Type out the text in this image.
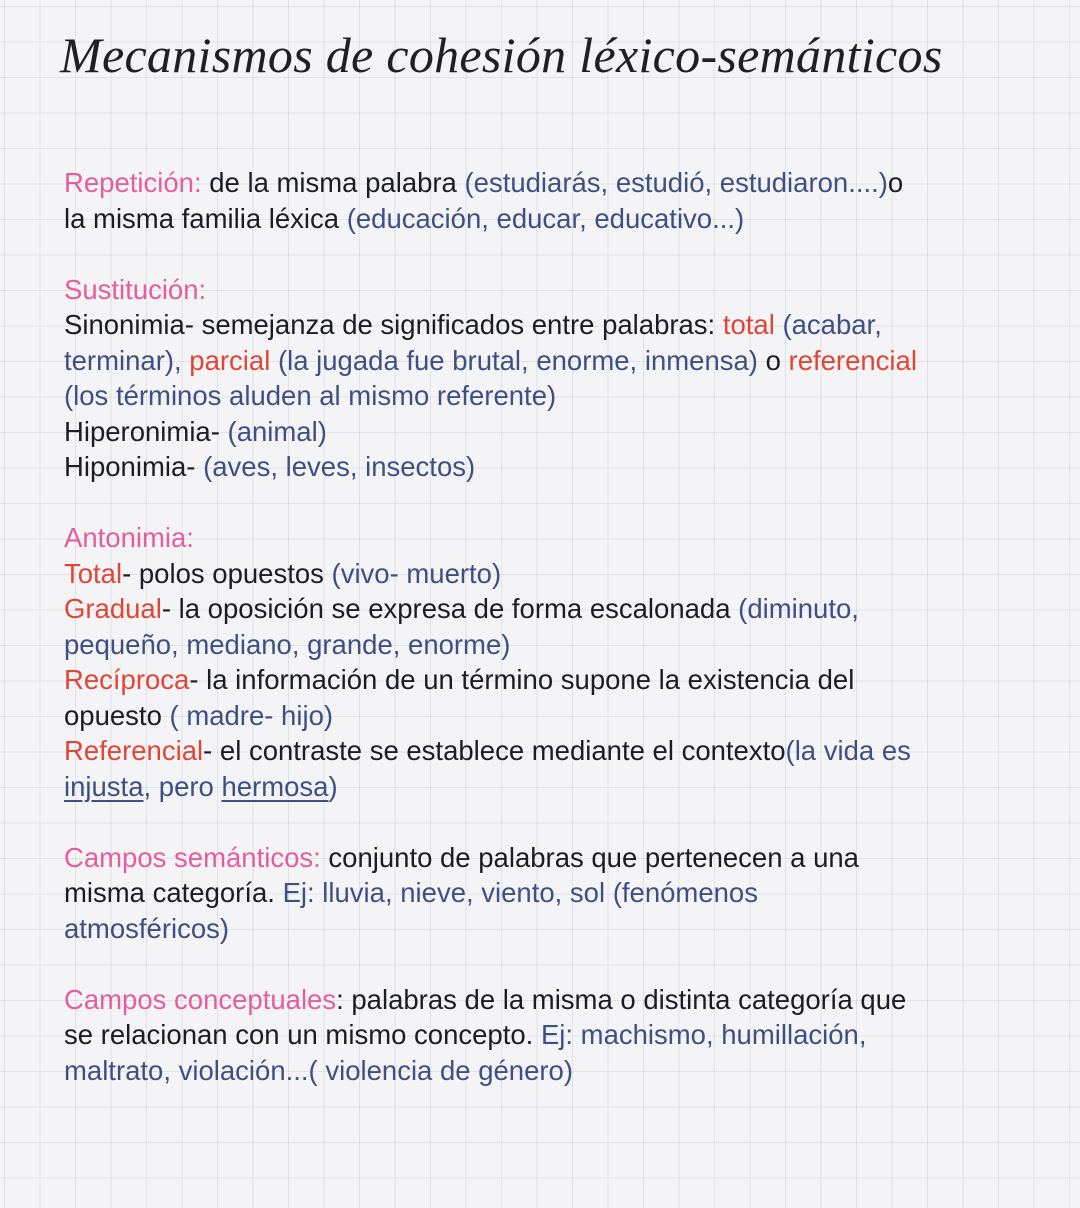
Mecanismos de cohesión léxico-semánticos
Repetición: de la misma palabra (estudiarás, estudió, estudiaron....)o
la misma familia léxica (educación, educar, educativo...)
Sustitución:
Sinonimia- semejanza de significados entre palabras: total (acabar,
terminar), parcial (la jugada fue brutal, enorme, inmensa) o referencial
(los términos aluden al mismo referente)
Hiperonimia- (animal)
Hiponimia- (aves, leves, insectos)
Antonimia:
Total- polos opuestos (vivo- muerto)
Gradual- la oposición se expresa de forma escalonada (diminuto,
pequeño, mediano, grande, enorme)
Recíproca- la información de un término supone la existencia del
opuesto ( madre- hijo)
Referencial- el contraste se establece mediante el contexto(la vida es
injusta, pero hermosa)
Campos semánticos: conjunto de palabras que pertenecen a una
misma categoría. Ej: lluvia, nieve, viento, sol (fenómenos
atmosféricos)
Campos conceptuales: palabras de la misma o distinta categoría que
se relacionan con un mismo concepto. Ej: machismo, humillación,
maltrato, violación...( violencia de género)
